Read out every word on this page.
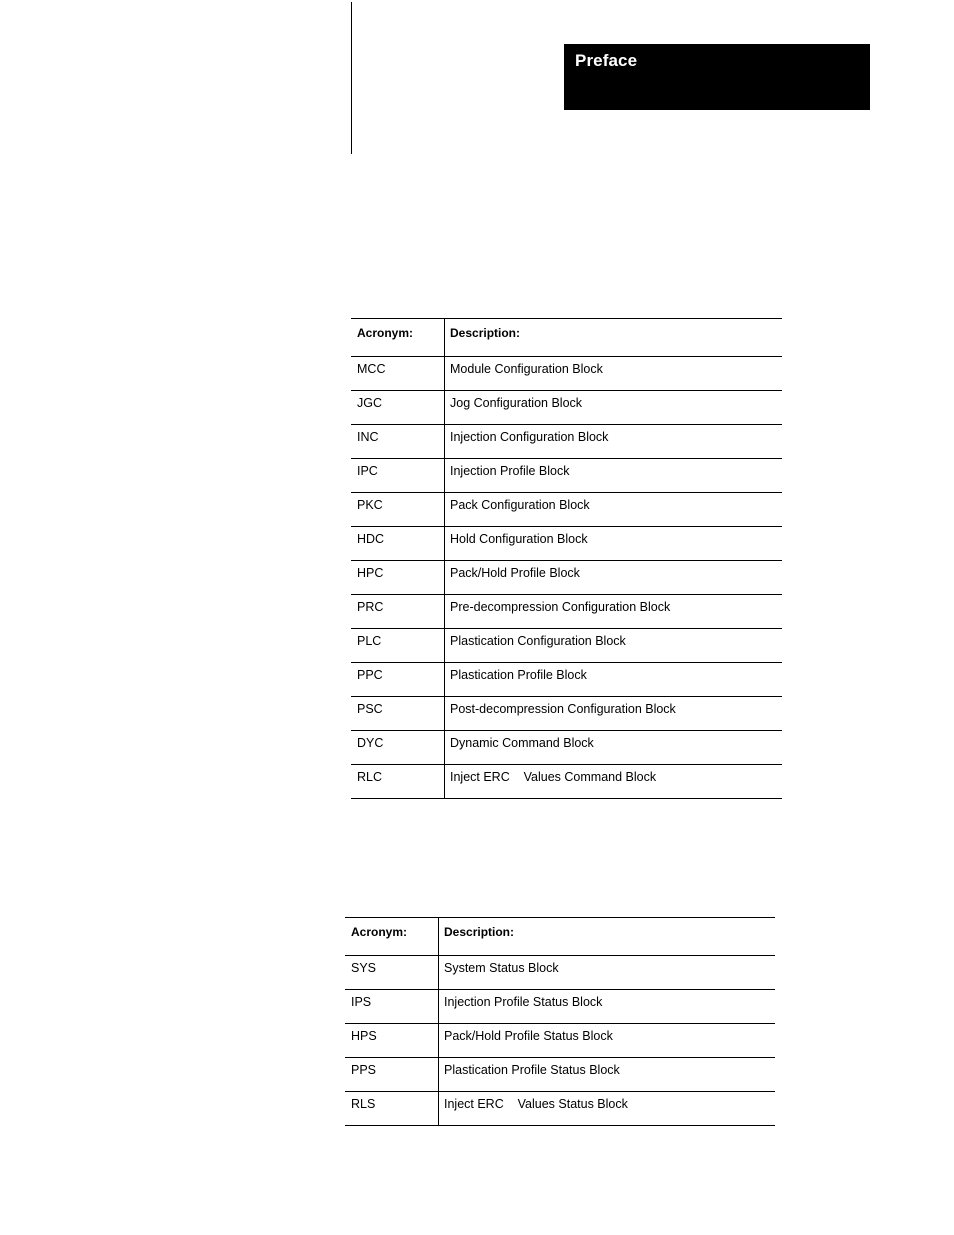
Preface
Acronym:	Description:
MCC	Module Configuration Block
JGC	Jog Configuration Block
INC	Injection Configuration Block
IPC	Injection Profile Block
PKC	Pack Configuration Block
HDC	Hold Configuration Block
HPC	Pack/Hold Profile Block
PRC	Pre-decompression Configuration Block
PLC	Plastication Configuration Block
PPC	Plastication Profile Block
PSC	Post-decompression Configuration Block
DYC	Dynamic Command Block
RLC	Inject ERC    Values Command Block
Acronym:	Description:
SYS	System Status Block
IPS	Injection Profile Status Block
HPS	Pack/Hold Profile Status Block
PPS	Plastication Profile Status Block
RLS	Inject ERC    Values Status Block
